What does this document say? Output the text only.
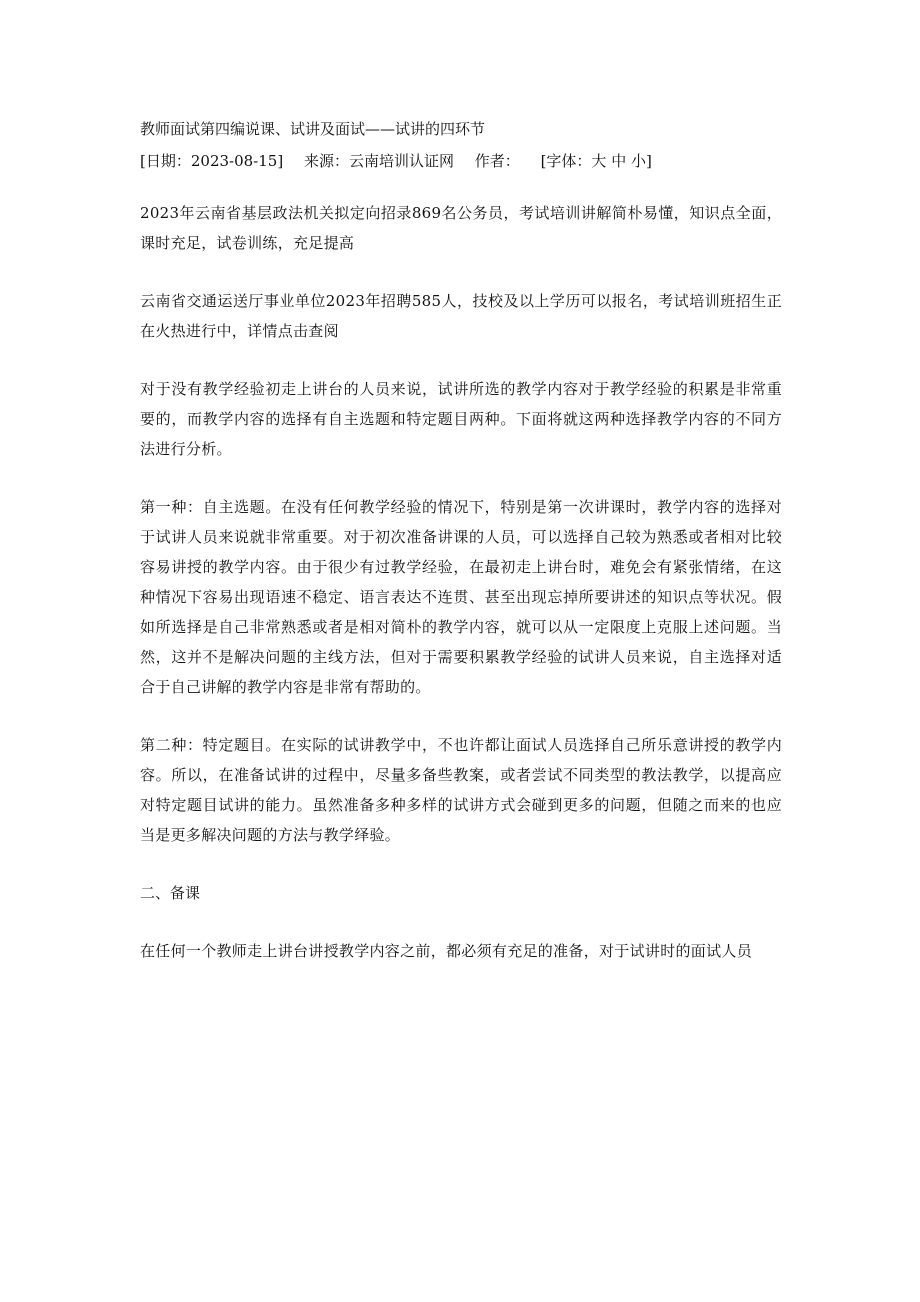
教师面试第四编说课、试讲及面试——试讲的四环节
[日期：2023-08-15] 来源：云南培训认证网 作者： [字体：大 中 小]

2023年云南省基层政法机关拟定向招录869名公务员，考试培训讲解简朴易懂，知识点全面，课时充足，试卷训练，充足提高

云南省交通运送厅事业单位2023年招聘585人，技校及以上学历可以报名，考试培训班招生正在火热进行中，详情点击查阅

对于没有教学经验初走上讲台的人员来说，试讲所选的教学内容对于教学经验的积累是非常重要的，而教学内容的选择有自主选题和特定题目两种。下面将就这两种选择教学内容的不同方法进行分析。

第一种：自主选题。在没有任何教学经验的情况下，特别是第一次讲课时，教学内容的选择对于试讲人员来说就非常重要。对于初次准备讲课的人员，可以选择自己较为熟悉或者相对比较容易讲授的教学内容。由于很少有过教学经验，在最初走上讲台时，难免会有紧张情绪，在这种情况下容易出现语速不稳定、语言表达不连贯、甚至出现忘掉所要讲述的知识点等状况。假如所选择是自己非常熟悉或者是相对简朴的教学内容，就可以从一定限度上克服上述问题。当然，这并不是解决问题的主线方法，但对于需要积累教学经验的试讲人员来说，自主选择对适合于自己讲解的教学内容是非常有帮助的。

第二种：特定题目。在实际的试讲教学中，不也许都让面试人员选择自己所乐意讲授的教学内容。所以，在准备试讲的过程中，尽量多备些教案，或者尝试不同类型的教法教学，以提高应对特定题目试讲的能力。虽然准备多种多样的试讲方式会碰到更多的问题，但随之而来的也应当是更多解决问题的方法与教学绎验。

二、备课

在任何一个教师走上讲台讲授教学内容之前，都必须有充足的准备，对于试讲时的面试人员
